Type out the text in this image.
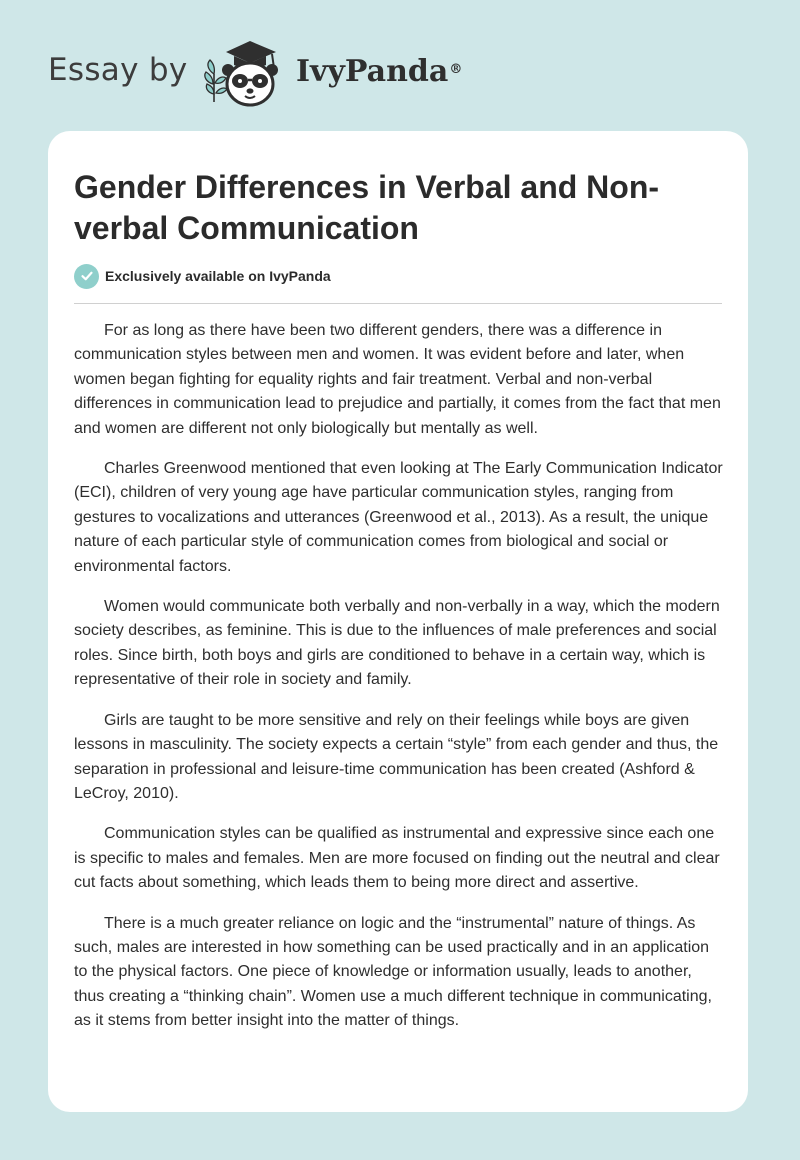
Essay by	IvyPanda®
Gender Differences in Verbal and Non-verbal Communication
Exclusively available on IvyPanda

For as long as there have been two different genders, there was a difference in communication styles between men and women. It was evident before and later, when women began fighting for equality rights and fair treatment. Verbal and non-verbal differences in communication lead to prejudice and partially, it comes from the fact that men and women are different not only biologically but mentally as well.

Charles Greenwood mentioned that even looking at The Early Communication Indicator (ECI), children of very young age have particular communication styles, ranging from gestures to vocalizations and utterances (Greenwood et al., 2013). As a result, the unique nature of each particular style of communication comes from biological and social or environmental factors.

Women would communicate both verbally and non-verbally in a way, which the modern society describes, as feminine. This is due to the influences of male preferences and social roles. Since birth, both boys and girls are conditioned to behave in a certain way, which is representative of their role in society and family.

Girls are taught to be more sensitive and rely on their feelings while boys are given lessons in masculinity. The society expects a certain “style” from each gender and thus, the separation in professional and leisure-time communication has been created (Ashford & LeCroy, 2010).

Communication styles can be qualified as instrumental and expressive since each one is specific to males and females. Men are more focused on finding out the neutral and clear cut facts about something, which leads them to being more direct and assertive.

There is a much greater reliance on logic and the “instrumental” nature of things. As such, males are interested in how something can be used practically and in an application to the physical factors. One piece of knowledge or information usually, leads to another, thus creating a “thinking chain”. Women use a much different technique in communicating, as it stems from better insight into the matter of things.
